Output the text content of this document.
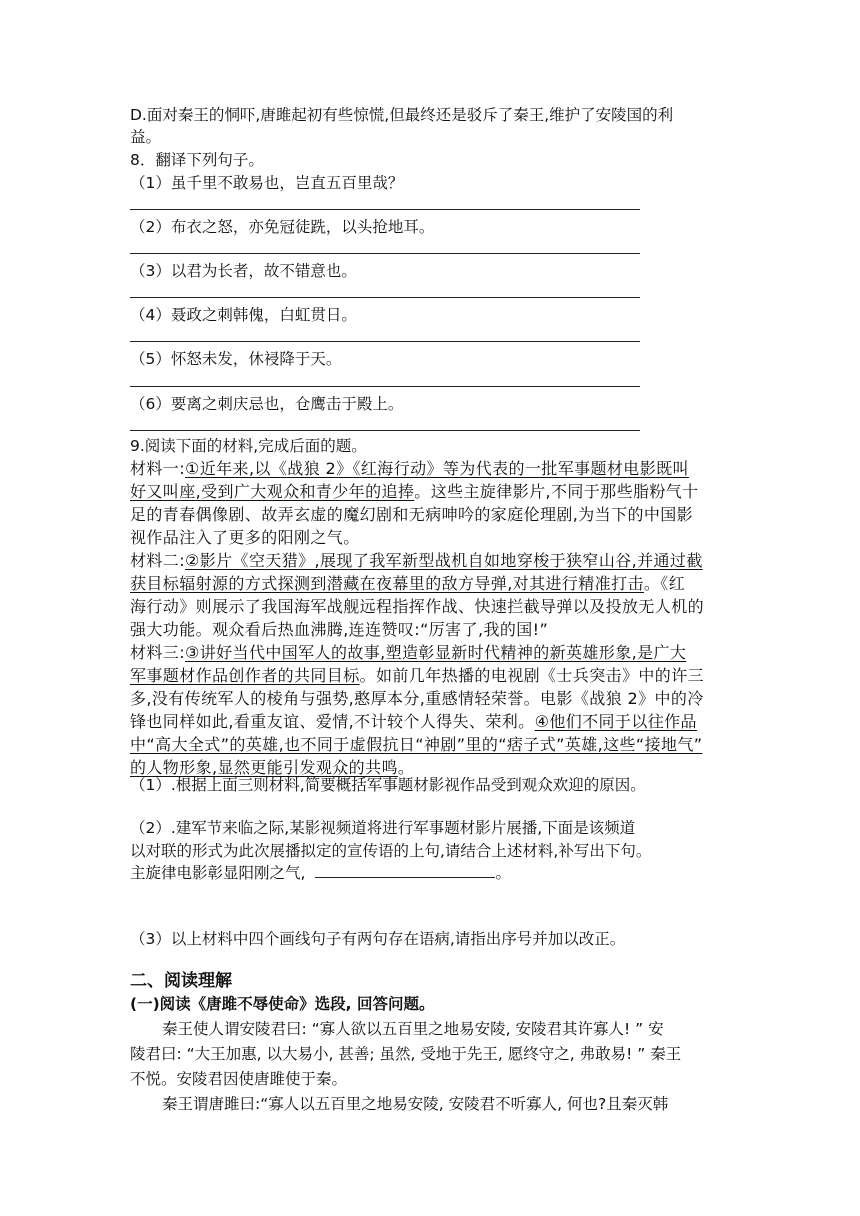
D.面对秦王的恫吓,唐雎起初有些惊慌,但最终还是驳斥了秦王,维护了安陵国的利
益。
8．翻译下列句子。
（1）虽千里不敢易也，岂直五百里哉？
（2）布衣之怒，亦免冠徒跣，以头抢地耳。
（3）以君为长者，故不错意也。
（4）聂政之刺韩傀，白虹贯日。
（5）怀怒未发，休祲降于天。
（6）要离之刺庆忌也，仓鹰击于殿上。
9.阅读下面的材料,完成后面的题。
材料一:①近年来,以《战狼 2》《红海行动》等为代表的一批军事题材电影既叫
好又叫座,受到广大观众和青少年的追捧。这些主旋律影片,不同于那些脂粉气十
足的青春偶像剧、故弄玄虚的魔幻剧和无病呻吟的家庭伦理剧,为当下的中国影
视作品注入了更多的阳刚之气。
材料二:②影片《空天猎》,展现了我军新型战机自如地穿梭于狭窄山谷,并通过截
获目标辐射源的方式探测到潜藏在夜幕里的敌方导弹,对其进行精准打击。《红
海行动》则展示了我国海军战舰远程指挥作战、快速拦截导弹以及投放无人机的
强大功能。观众看后热血沸腾,连连赞叹:“厉害了,我的国!”
材料三:③讲好当代中国军人的故事,塑造彰显新时代精神的新英雄形象,是广大
军事题材作品创作者的共同目标。如前几年热播的电视剧《士兵突击》中的许三
多,没有传统军人的棱角与强势,憨厚本分,重感情轻荣誉。电影《战狼 2》中的冷
锋也同样如此,看重友谊、爱情,不计较个人得失、荣利。④他们不同于以往作品
中“高大全式”的英雄,也不同于虚假抗日“神剧”里的“痞子式”英雄,这些“接地气”
的人物形象,显然更能引发观众的共鸣。
（1）.根据上面三则材料,简要概括军事题材影视作品受到观众欢迎的原因。
（2）.建军节来临之际,某影视频道将进行军事题材影片展播,下面是该频道
以对联的形式为此次展播拟定的宣传语的上句,请结合上述材料,补写出下句。
主旋律电影彰显阳刚之气,	。
（3）以上材料中四个画线句子有两句存在语病,请指出序号并加以改正。
二、阅读理解
(一)阅读《唐雎不辱使命》选段, 回答问题。
秦王使人谓安陵君曰: “寡人欲以五百里之地易安陵, 安陵君其许寡人! ” 安
陵君曰: “大王加惠, 以大易小, 甚善; 虽然, 受地于先王, 愿终守之, 弗敢易! ” 秦王
不悦。安陵君因使唐雎使于秦。
秦王谓唐雎曰:“寡人以五百里之地易安陵, 安陵君不听寡人, 何也?且秦灭韩
